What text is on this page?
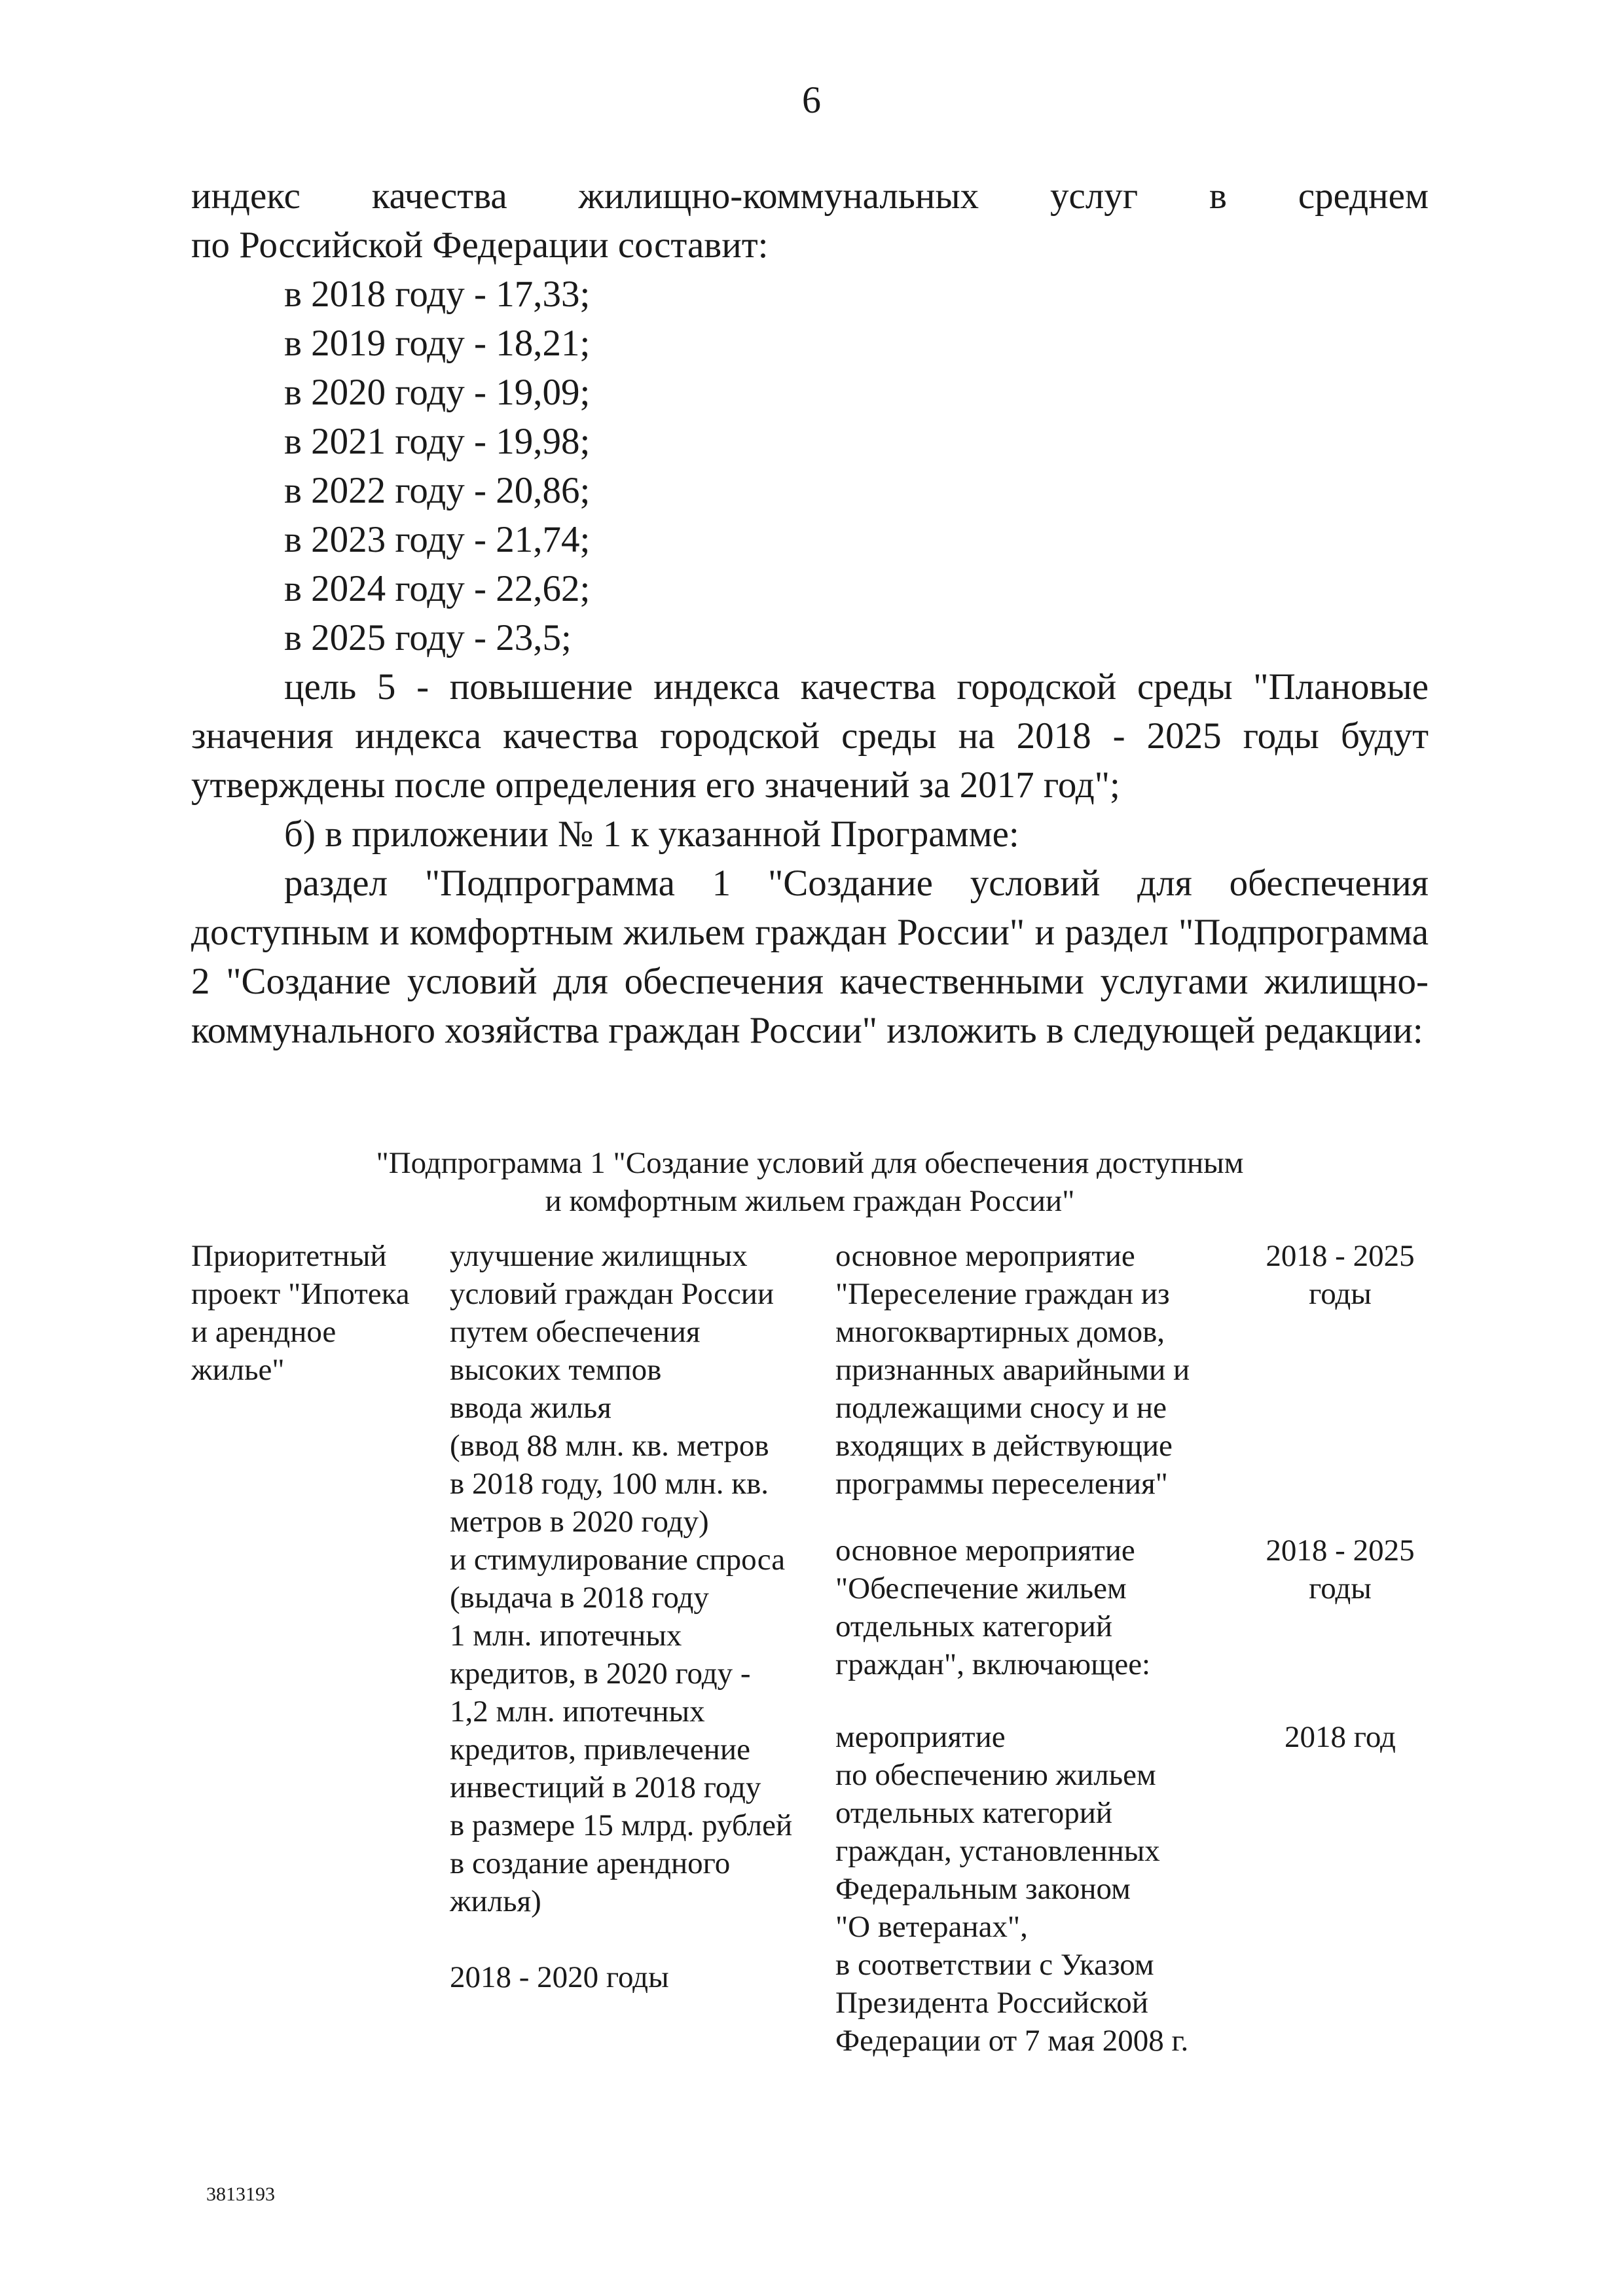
6

индекс качества жилищно-коммунальных услуг в среднем

по Российской Федерации составит:

в 2018 году - 17,33;

в 2019 году - 18,21;

в 2020 году - 19,09;

в 2021 году - 19,98;

в 2022 году - 20,86;

в 2023 году - 21,74;

в 2024 году - 22,62;

в 2025 году - 23,5;

цель 5 - повышение индекса качества городской среды "Плановые значения индекса качества городской среды на 2018 - 2025 годы будут утверждены после определения его значений за 2017 год";

б) в приложении № 1 к указанной Программе:

раздел "Подпрограмма 1 "Создание условий для обеспечения доступным и комфортным жильем граждан России" и раздел "Подпрограмма 2 "Создание условий для обеспечения качественными услугами жилищно-коммунального хозяйства граждан России" изложить в следующей редакции:

"Подпрограмма 1 "Создание условий для обеспечения доступным
и комфортным жильем граждан России"
Приоритетный
проект "Ипотека
и арендное
жилье"
улучшение жилищных
условий граждан России
путем обеспечения
высоких темпов
ввода жилья
(ввод 88 млн. кв. метров
в 2018 году, 100 млн. кв.
метров в 2020 году)
и стимулирование спроса
(выдача в 2018 году
1 млн. ипотечных
кредитов, в 2020 году -
1,2 млн. ипотечных
кредитов, привлечение
инвестиций в 2018 году
в размере 15 млрд. рублей
в создание арендного
жилья)
2018 - 2020 годы
основное мероприятие
"Переселение граждан из
многоквартирных домов,
признанных аварийными и
подлежащими сносу и не
входящих в действующие
программы переселения"
основное мероприятие
"Обеспечение жильем
отдельных категорий
граждан", включающее:
мероприятие
по обеспечению жильем
отдельных категорий
граждан, установленных
Федеральным законом
"О ветеранах",
в соответствии с Указом
Президента Российской
Федерации от 7 мая 2008 г.
2018 - 2025
годы
2018 - 2025
годы
2018 год
3813193
